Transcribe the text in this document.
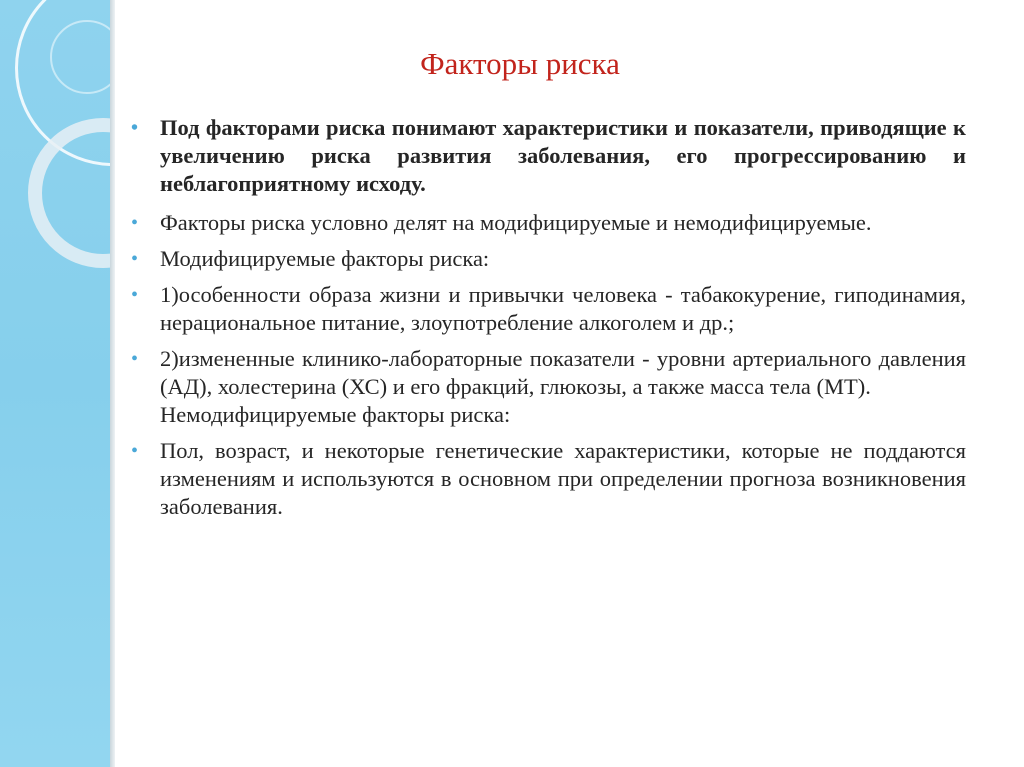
Факторы риска
• Под факторами риска понимают характеристики и показатели, приводящие к увеличению риска развития заболевания, его прогрессированию и неблагоприятному исходу.

• Факторы риска условно делят на модифицируемые и немодифицируемые.

• Модифицируемые факторы риска:

• 1)особенности образа жизни и привычки человека - табакокурение, гиподинамия, нерациональное питание, злоупотребление алкоголем и др.;

• 2)измененные клинико-лабораторные показатели - уровни артериального давления (АД), холестерина (ХС) и его фракций, глюкозы, а также масса тела (МТ).

Немодифицируемые факторы риска:

• Пол, возраст, и некоторые генетические характеристики, которые не поддаются изменениям и используются в основном при определении прогноза возникновения заболевания.
